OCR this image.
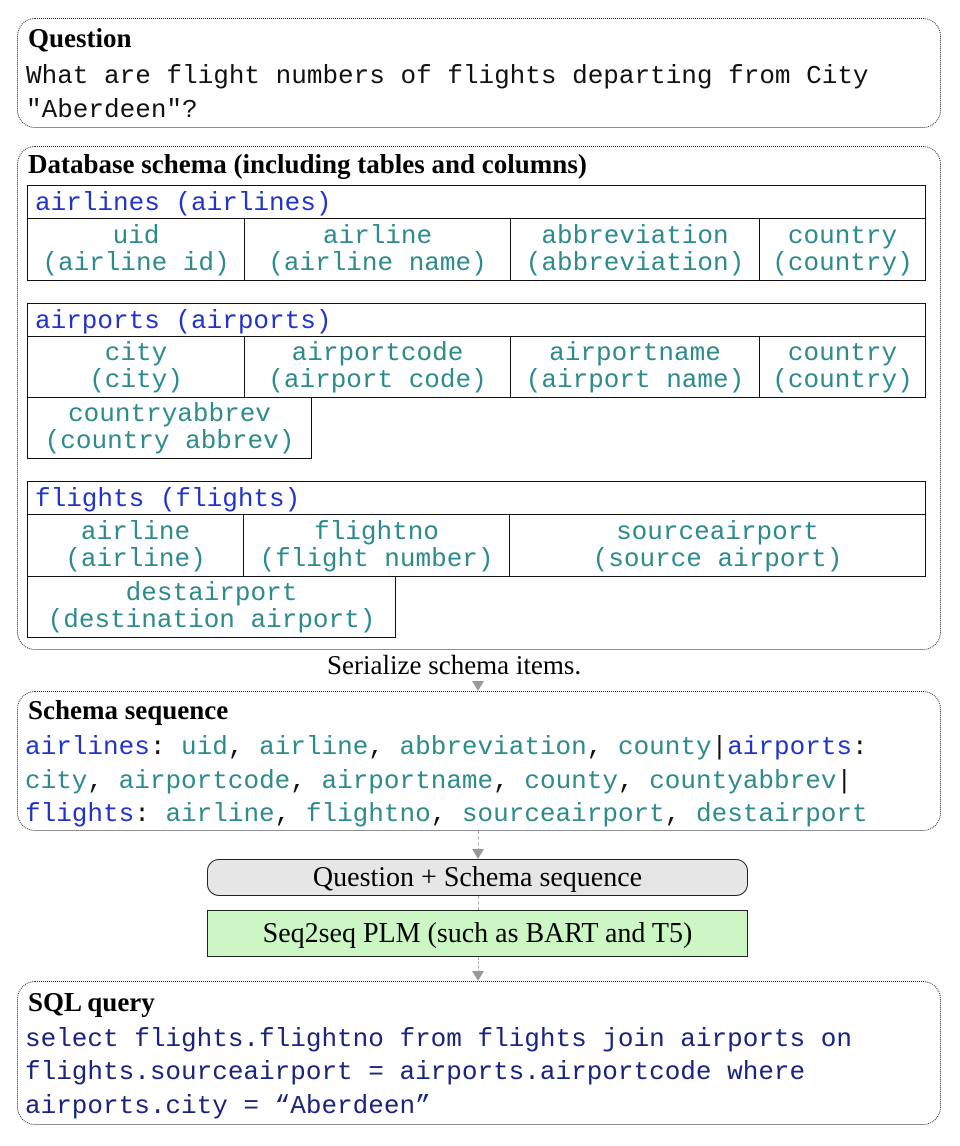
Question
What are flight numbers of flights departing from City
"Aberdeen"?
Database schema (including tables and columns)
airlines (airlines)
uid
(airline id)
airline
(airline name)
abbreviation
(abbreviation)
country
(country)
airports (airports)
city
(city)
airportcode
(airport code)
airportname
(airport name)
country
(country)
countryabbrev
(country abbrev)
flights (flights)
airline
(airline)
flightno
(flight number)
sourceairport
(source airport)
destairport
(destination airport)
Serialize schema items.
Schema sequence
airlines: uid, airline, abbreviation, county|airports:
city, airportcode, airportname, county, countyabbrev|
flights: airline, flightno, sourceairport, destairport
Question + Schema sequence
Seq2seq PLM (such as BART and T5)
SQL query
select flights.flightno from flights join airports on
flights.sourceairport = airports.airportcode where
airports.city = “Aberdeen”
